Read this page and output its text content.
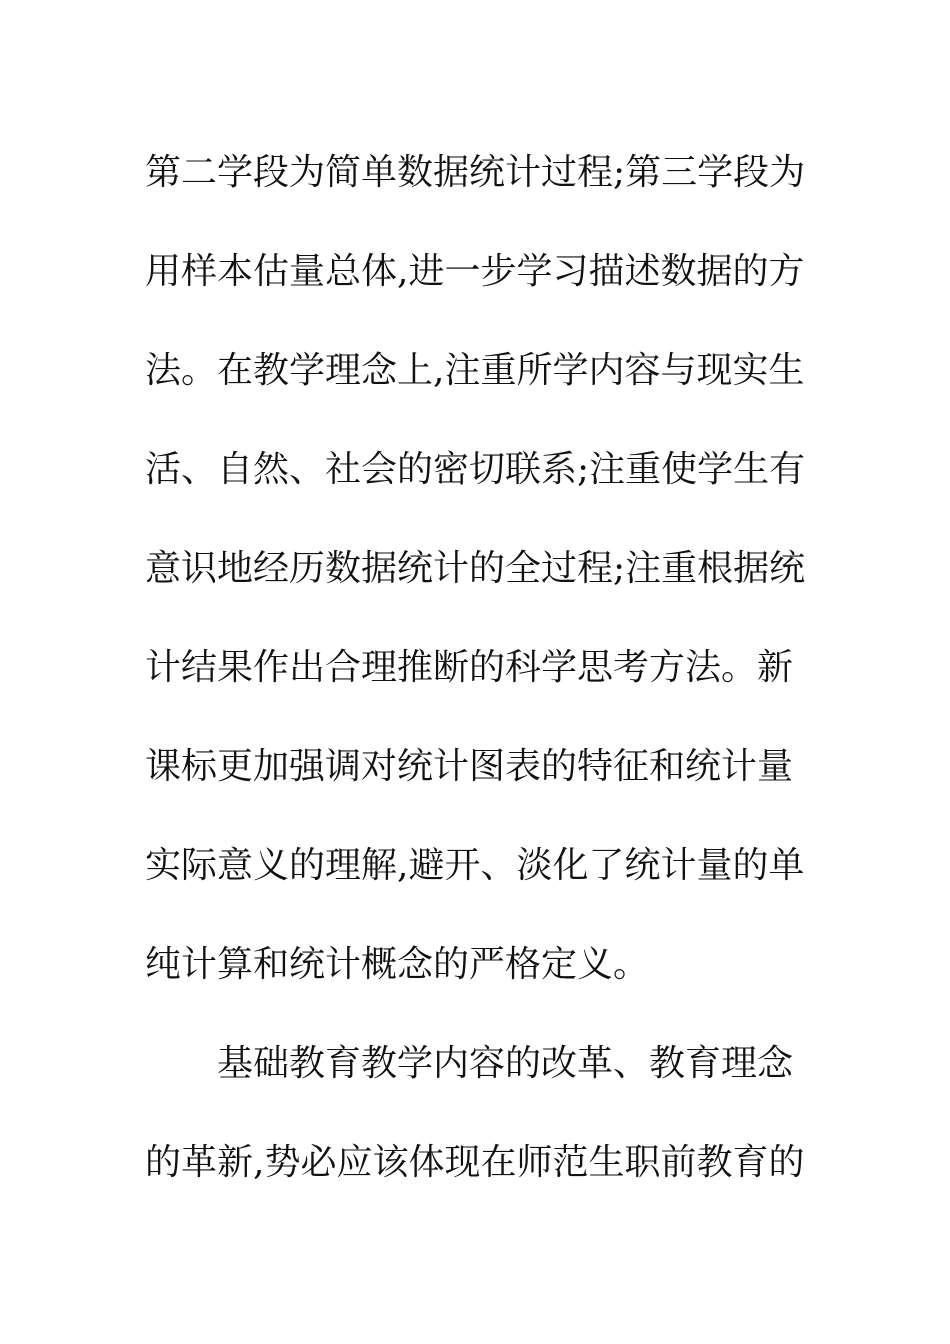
第二学段为简单数据统计过程;第三学段为
用样本估量总体,进一步学习描述数据的方
法。在教学理念上,注重所学内容与现实生
活、自然、社会的密切联系;注重使学生有
意识地经历数据统计的全过程;注重根据统
计结果作出合理推断的科学思考方法。新
课标更加强调对统计图表的特征和统计量
实际意义的理解,避开、淡化了统计量的单
纯计算和统计概念的严格定义。
基础教育教学内容的改革、教育理念
的革新,势必应该体现在师范生职前教育的
